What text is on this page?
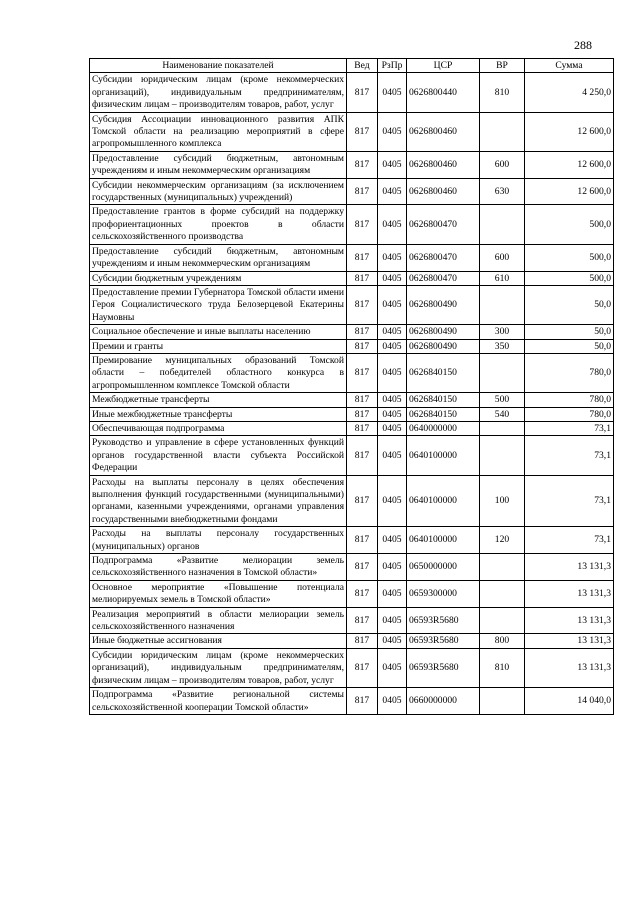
288
Наименование показателей	Вед	РзПр	ЦСР	ВР	Сумма
Субсидии юридическим лицам (кроме некоммерческих организаций), индивидуальным предпринимателям, физическим лицам – производителям товаров, работ, услуг	817	0405	0626800440	810	4 250,0
Субсидия Ассоциации инновационного развития АПК Томской области на реализацию мероприятий в сфере агропромышленного комплекса	817	0405	0626800460		12 600,0
Предоставление субсидий бюджетным, автономным учреждениям и иным некоммерческим организациям	817	0405	0626800460	600	12 600,0
Субсидии некоммерческим организациям (за исключением государственных (муниципальных) учреждений)	817	0405	0626800460	630	12 600,0
Предоставление грантов в форме субсидий на поддержку профориентационных проектов в области сельскохозяйственного производства	817	0405	0626800470		500,0
Предоставление субсидий бюджетным, автономным учреждениям и иным некоммерческим организациям	817	0405	0626800470	600	500,0
Субсидии бюджетным учреждениям	817	0405	0626800470	610	500,0
Предоставление премии Губернатора Томской области имени Героя Социалистического труда Белозерцевой Екатерины Наумовны	817	0405	0626800490		50,0
Социальное обеспечение и иные выплаты населению	817	0405	0626800490	300	50,0
Премии и гранты	817	0405	0626800490	350	50,0
Премирование муниципальных образований Томской области – победителей областного конкурса в агропромышленном комплексе Томской области	817	0405	0626840150		780,0
Межбюджетные трансферты	817	0405	0626840150	500	780,0
Иные межбюджетные трансферты	817	0405	0626840150	540	780,0
Обеспечивающая подпрограмма	817	0405	0640000000		73,1
Руководство и управление в сфере установленных функций органов государственной власти субъекта Российской Федерации	817	0405	0640100000		73,1
Расходы на выплаты персоналу в целях обеспечения выполнения функций государственными (муниципальными) органами, казенными учреждениями, органами управления государственными внебюджетными фондами	817	0405	0640100000	100	73,1
Расходы на выплаты персоналу государственных (муниципальных) органов	817	0405	0640100000	120	73,1
Подпрограмма «Развитие мелиорации земель сельскохозяйственного назначения в Томской области»	817	0405	0650000000		13 131,3
Основное мероприятие «Повышение потенциала мелиорируемых земель в Томской области»	817	0405	0659300000		13 131,3
Реализация мероприятий в области мелиорации земель сельскохозяйственного назначения	817	0405	06593R5680		13 131,3
Иные бюджетные ассигнования	817	0405	06593R5680	800	13 131,3
Субсидии юридическим лицам (кроме некоммерческих организаций), индивидуальным предпринимателям, физическим лицам – производителям товаров, работ, услуг	817	0405	06593R5680	810	13 131,3
Подпрограмма «Развитие региональной системы сельскохозяйственной кооперации Томской области»	817	0405	0660000000		14 040,0
